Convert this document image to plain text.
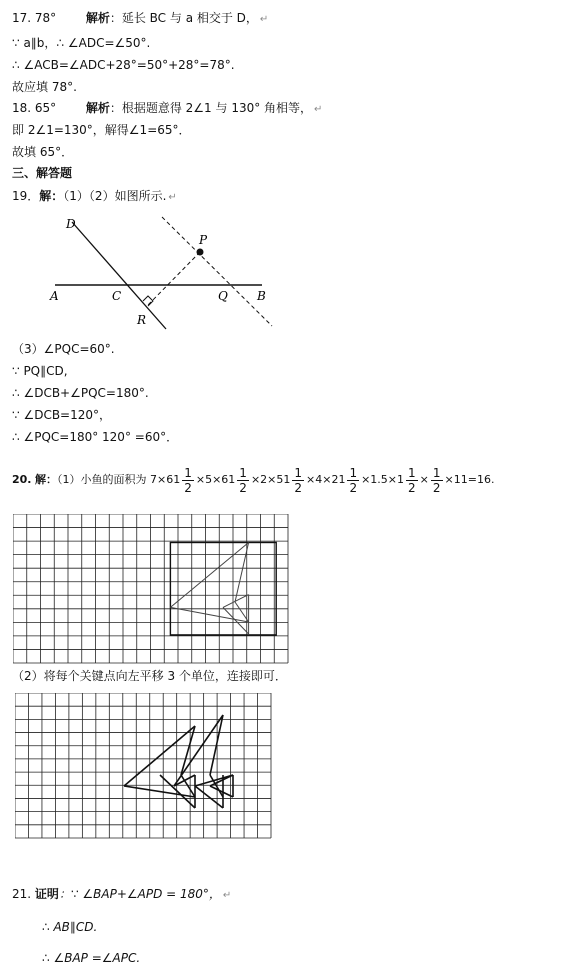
17. 78° 解析：延长 BC 与 a 相交于 D， ↵
∵ a∥b，∴ ∠ADC=∠50°.
∴ ∠ACB=∠ADC+28°=50°+28°=78°.
故应填 78°.
18. 65° 解析：根据题意得 2∠1 与 130° 角相等， ↵
即 2∠1=130°，解得∠1=65°．
故填 65°．
三、解答题
19．解：（1）（2）如图所示. ↵
D
P
A	C	Q B
R
（3）∠PQC=60°.
∵ PQ∥CD,
∴ ∠DCB+∠PQC=180°.
∵ ∠DCB=120°，
∴ ∠PQC=180° 120° =60°．
20. 解：（1）小鱼的面积为 $7\times 61 \frac{1}{2} \times 5\times 61 \frac{1}{2} \times 2\times 51 \frac{1}{2} \times 4\times 21 \frac{1}{2} \times 1.5\times 1 \frac{1}{2} \times \frac{1}{2} \times 11=16$.
（2）将每个关键点向左平移 3 个单位，连接即可．
21. 证明：∵ ∠BAP+∠APD = 180°， ↵
∴ AB∥CD.
∴ ∠BAP =∠APC.
